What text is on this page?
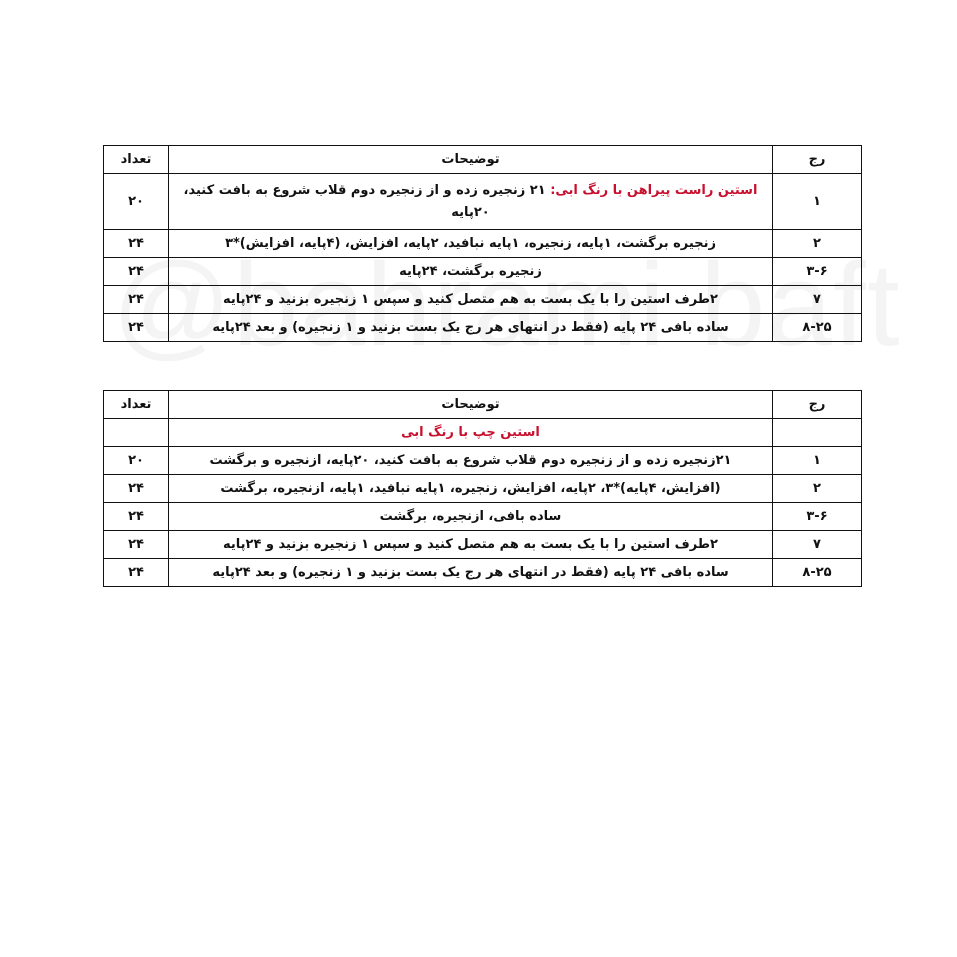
رج	توضیحات	تعداد
۱	استین راست پیراهن با رنگ ابی: ۲۱ زنجیره زده و از زنجیره دوم قلاب شروع به بافت کنید، ۲۰پایه	۲۰
۲	زنجیره برگشت، ۱پایه، زنجیره، ۱پایه نبافید، ۲پایه، افزایش، (۴پایه، افزایش)*۳	۲۴
۳-۶	زنجیره برگشت، ۲۴پایه	۲۴
۷	۲طرف استین را با یک بست به هم متصل کنید و سپس ۱ زنجیره بزنید و ۲۴پایه	۲۴
۸-۲۵	ساده بافی ۲۴ پایه (فقط در انتهای هر رج یک بست بزنید و ۱ زنجیره) و بعد ۲۴پایه	۲۴
رج	توضیحات	تعداد
	استین چپ با رنگ ابی	
۱	۲۱زنجیره زده و از زنجیره دوم قلاب شروع به بافت کنید، ۲۰پایه، ازنجیره و برگشت	۲۰
۲	(افزایش، ۴پایه)*۳، ۲پایه، افزایش، زنجیره، ۱پایه نبافید، ۱پایه، ازنجیره، برگشت	۲۴
۳-۶	ساده بافی، ازنجیره، برگشت	۲۴
۷	۲طرف استین را با یک بست به هم متصل کنید و سپس ۱ زنجیره بزنید و ۲۴پایه	۲۴
۸-۲۵	ساده بافی ۲۴ پایه (فقط در انتهای هر رج یک بست بزنید و ۱ زنجیره) و بعد ۲۴پایه	۲۴
